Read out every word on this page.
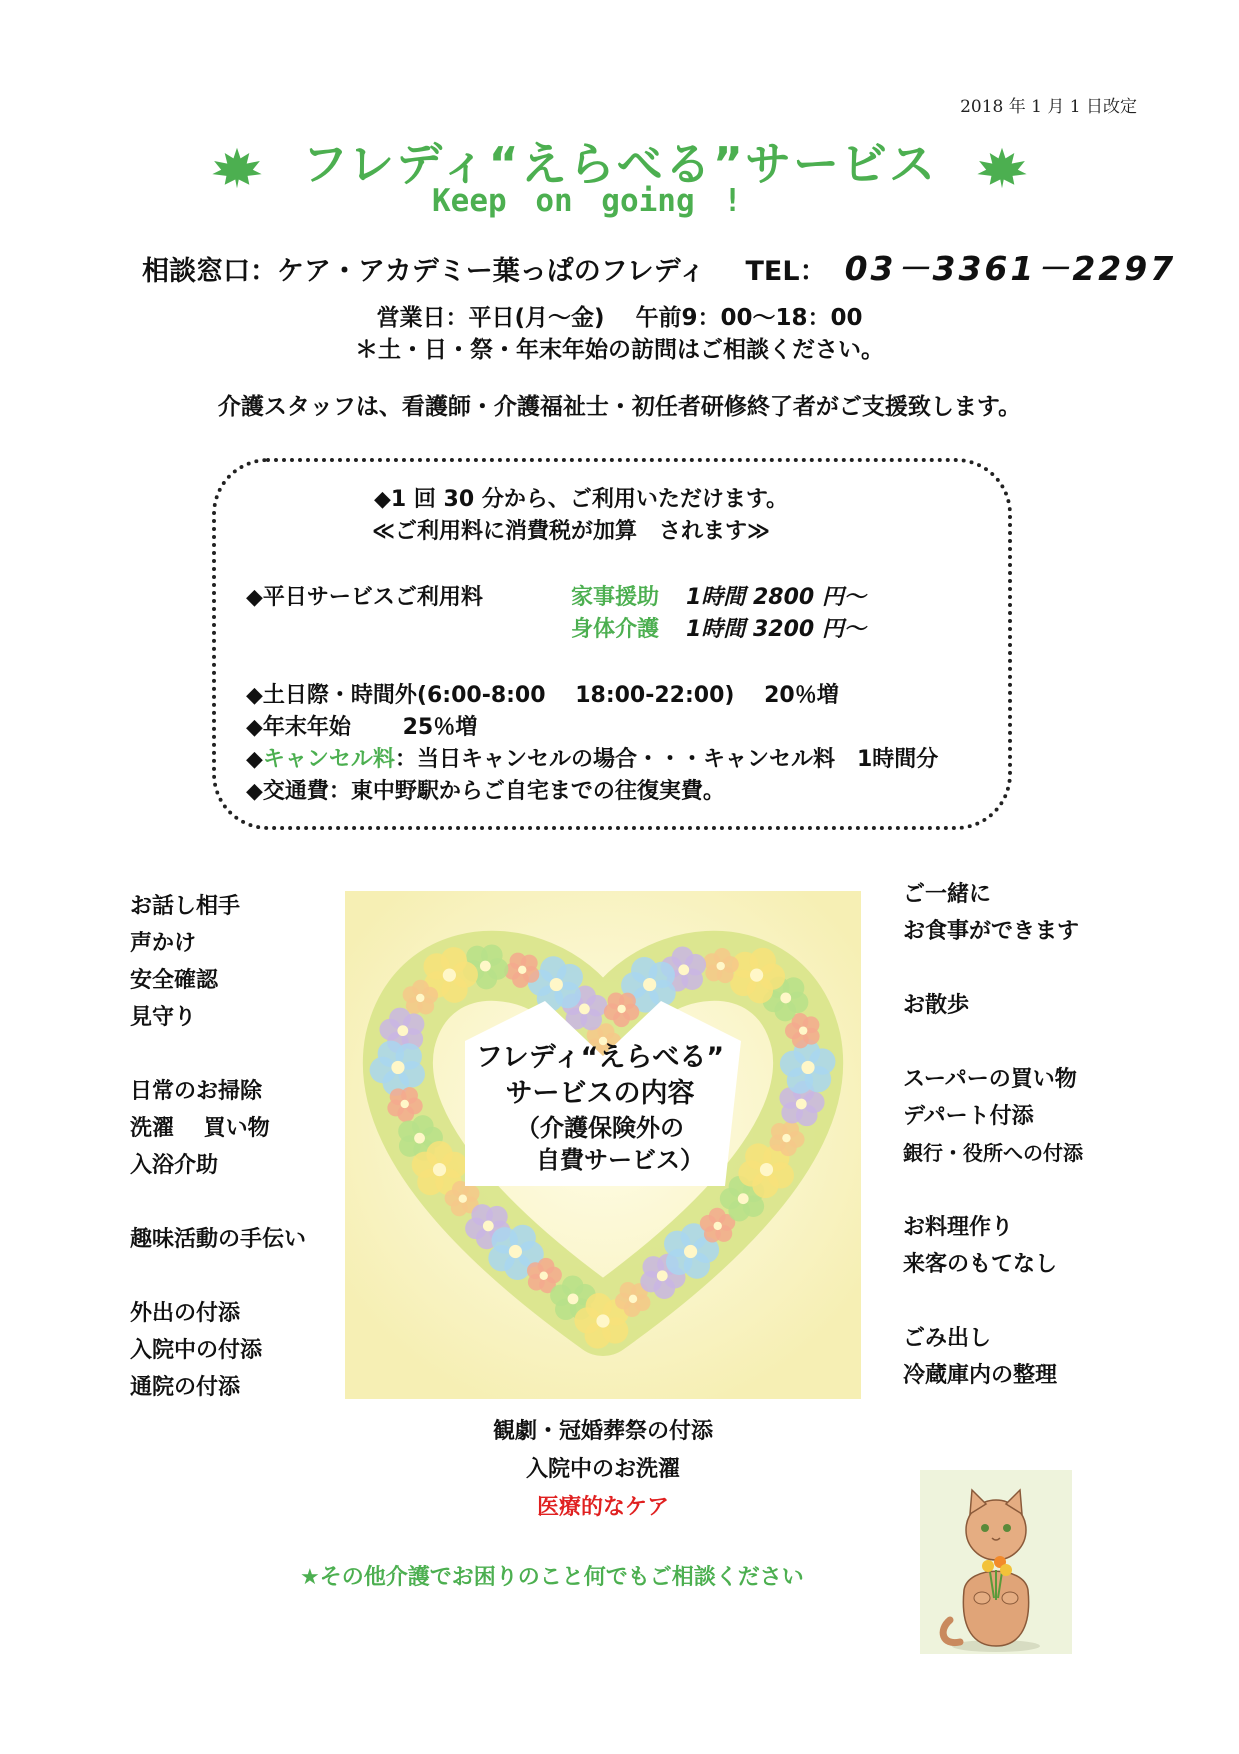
2018 年 1 月 1 日改定
フレディ“えらべる”サービス
Keep on going !
相談窓口：ケア・アカデミー葉っぱのフレディ TEL： 03－3361－2297
営業日：平日(月～金)　 午前9：00～18：00
＊土・日・祭・年末年始の訪問はご相談ください。
介護スタッフは、看護師・介護福祉士・初任者研修終了者がご支援致します。
◆1 回 30 分から、ご利用いただけます。
≪ご利用料に消費税が加算　されます≫
◆平日サービスご利用料	家事援助 1時間 2800 円～
身体介護 1時間 3200 円～
◆土日際・時間外(6:00-8:00　 18:00-22:00)　 20％増
◆年末年始　　 25％増
◆キャンセル料：当日キャンセルの場合・・・キャンセル料　1時間分
◆交通費：東中野駅からご自宅までの往復実費。
フレディ“えらべる”
サービスの内容
（介護保険外の
自費サービス）
お話し相手
声かけ
安全確認
見守り
日常のお掃除
洗濯　 買い物
入浴介助
趣味活動の手伝い
外出の付添
入院中の付添
通院の付添
ご一緒に
お食事ができます
お散歩
スーパーの買い物
デパート付添
銀行・役所への付添
お料理作り
来客のもてなし
ごみ出し
冷蔵庫内の整理
観劇・冠婚葬祭の付添
入院中のお洗濯
医療的なケア
★その他介護でお困りのこと何でもご相談ください
